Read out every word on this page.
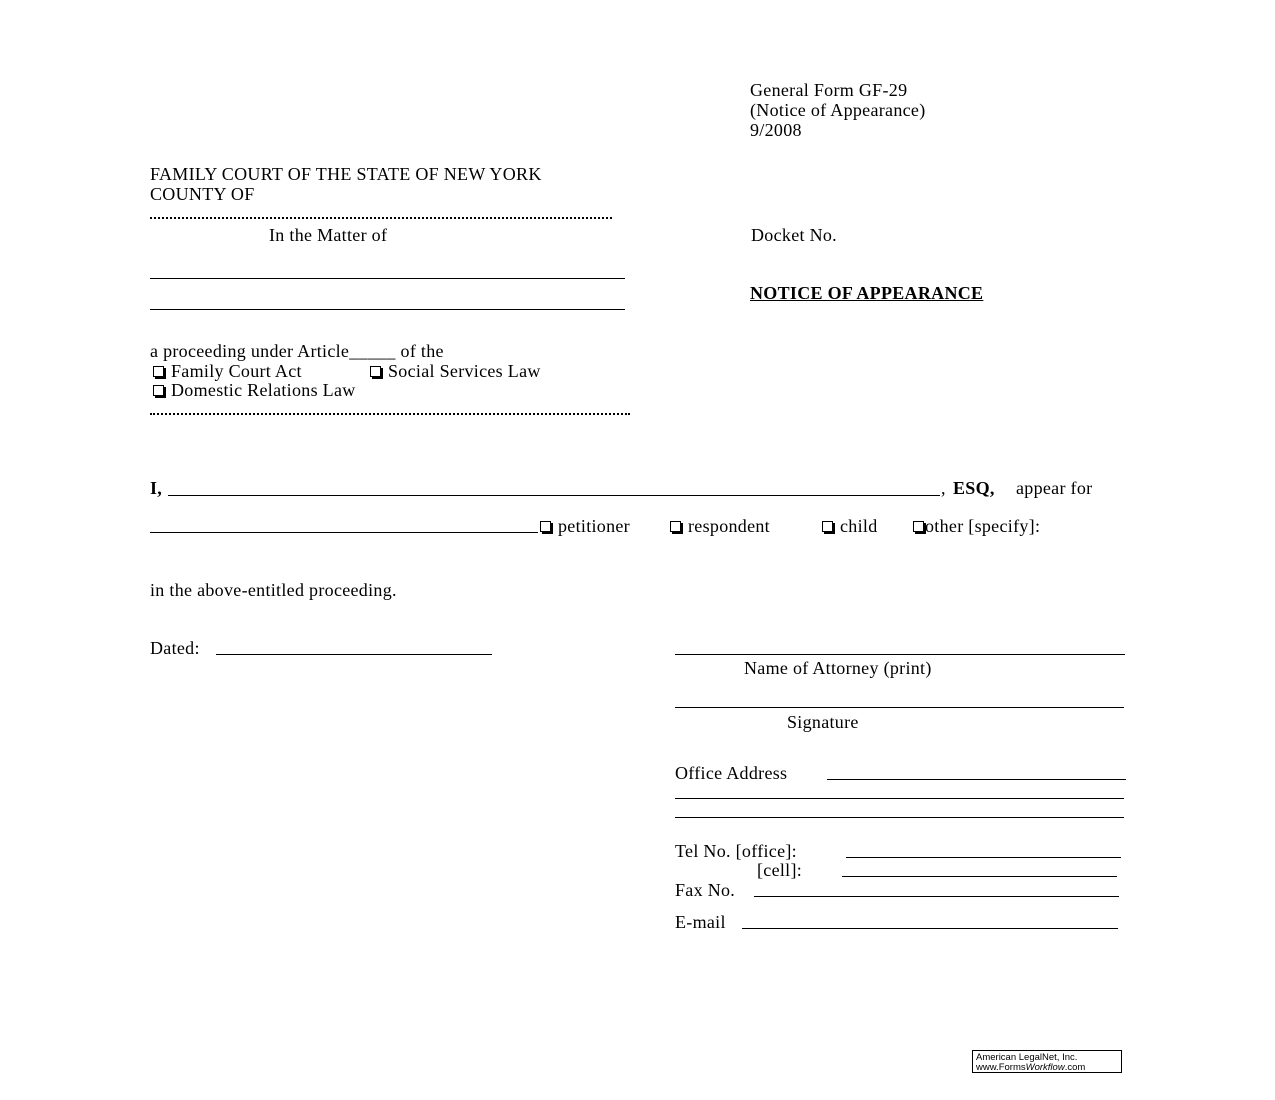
General Form GF-29
(Notice of Appearance)
9/2008
FAMILY COURT OF THE STATE OF NEW YORK
COUNTY OF
In the Matter of	Docket No.
NOTICE OF APPEARANCE
a proceeding under Article_____ of the
Family Court Act	Social Services Law
Domestic Relations Law
I,	, ESQ, appear for
petitioner	respondent	child	other [specify]:
in the above-entitled proceeding.
Dated:
Name of Attorney (print)
Signature
Office Address
Tel No. [office]:
[cell]:
Fax No.
E-mail
American LegalNet, Inc.
www.FormsWorkflow.com
